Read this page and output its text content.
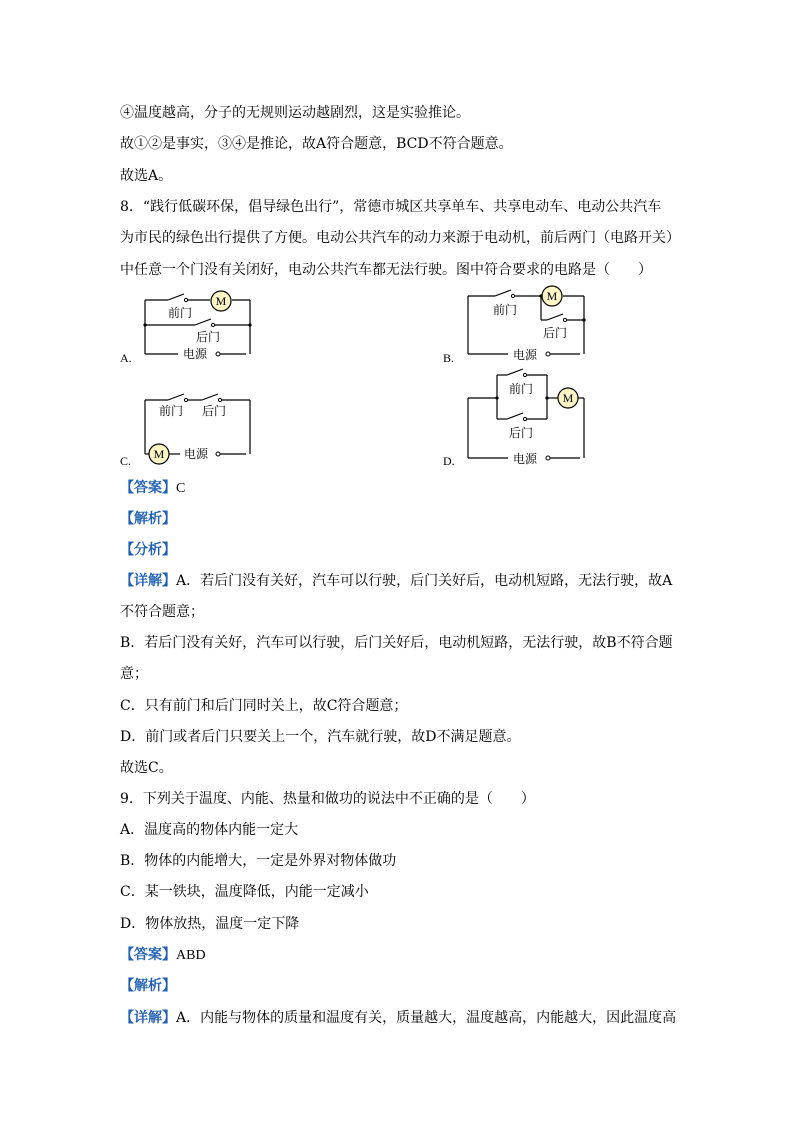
④温度越高，分子的无规则运动越剧烈，这是实验推论。
故①②是事实，③④是推论，故A符合题意，BCD不符合题意。
故选A。
8．“践行低碳环保，倡导绿色出行”，常德市城区共享单车、共享电动车、电动公共汽车
为市民的绿色出行提供了方便。电动公共汽车的动力来源于电动机，前后两门（电路开关）
中任意一个门没有关闭好，电动公共汽车都无法行驶。图中符合要求的电路是（　　）
A.	B.
C.	D.
M
前门
后门
电源
M
前门
后门
电源
M
前门 后门
电源
M
前门
后门
电源
【答案】C
【解析】
【分析】
【详解】A．若后门没有关好，汽车可以行驶，后门关好后，电动机短路，无法行驶，故A
不符合题意；
B．若后门没有关好，汽车可以行驶，后门关好后，电动机短路，无法行驶，故B不符合题
意；
C．只有前门和后门同时关上，故C符合题意；
D．前门或者后门只要关上一个，汽车就行驶，故D不满足题意。
故选C。
9．下列关于温度、内能、热量和做功的说法中不正确的是（　　）
A．温度高的物体内能一定大
B．物体的内能增大，一定是外界对物体做功
C．某一铁块，温度降低，内能一定减小
D．物体放热，温度一定下降
【答案】ABD
【解析】
【详解】A．内能与物体的质量和温度有关，质量越大，温度越高，内能越大，因此温度高
